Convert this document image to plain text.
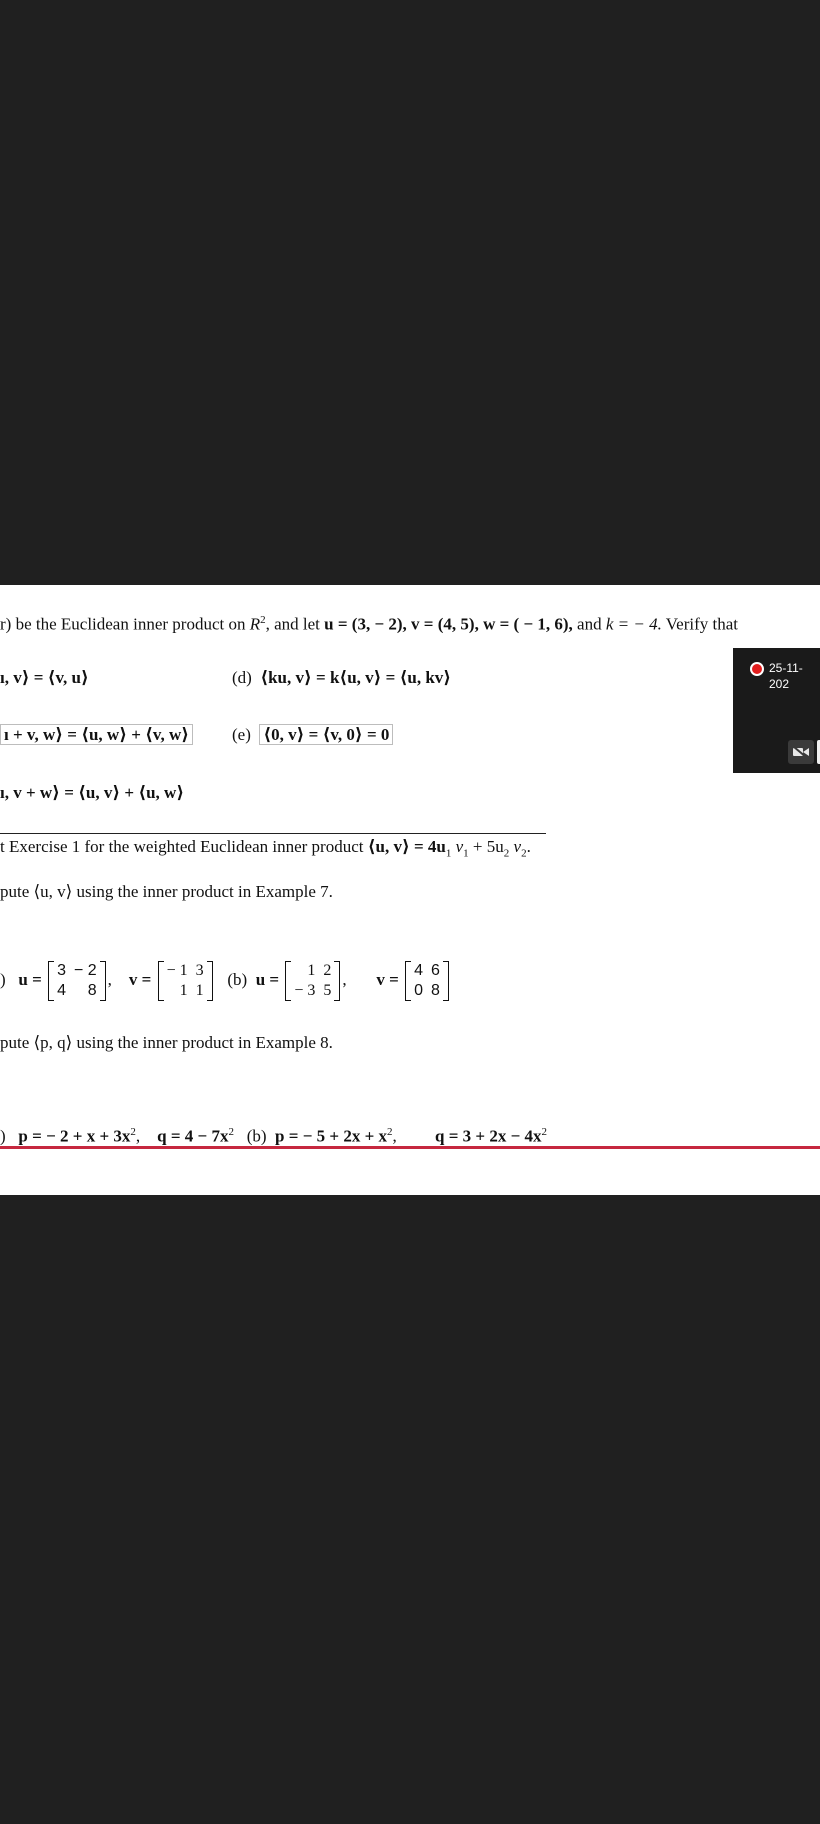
r) be the Euclidean inner product on $R^2$, and let u = (3, − 2), v = (4, 5), w = ( − 1, 6), and k = − 4. Verify that
ı, v⟩ = ⟨v, u⟩	(d) ⟨ku, v⟩ = k⟨u, v⟩ = ⟨u, kv⟩
ı + v, w⟩ = ⟨u, w⟩ + ⟨v, w⟩	(e) ⟨0, v⟩ = ⟨v, 0⟩ = 0
ı, v + w⟩ = ⟨u, v⟩ + ⟨u, w⟩
t Exercise 1 for the weighted Euclidean inner product ⟨u, v⟩ = $4u_1$ $v_1 + 5u_2$ $v_2$.
pute ⟨u, v⟩ using the inner product in Example 7.
) u = 3	− 2
4	8
, v = − 1	3
1	1
(b) u = 1	2
− 3	5
, v = 4	6
0	8
pute ⟨p, q⟩ using the inner product in Example 8.
) p = − $2 + x + 3x^2$, $q = 4 - 7x^2$ (b) p = − $5 + 2x + x^2$, $q = 3 + 2x - 4x^2$
25-11-202
